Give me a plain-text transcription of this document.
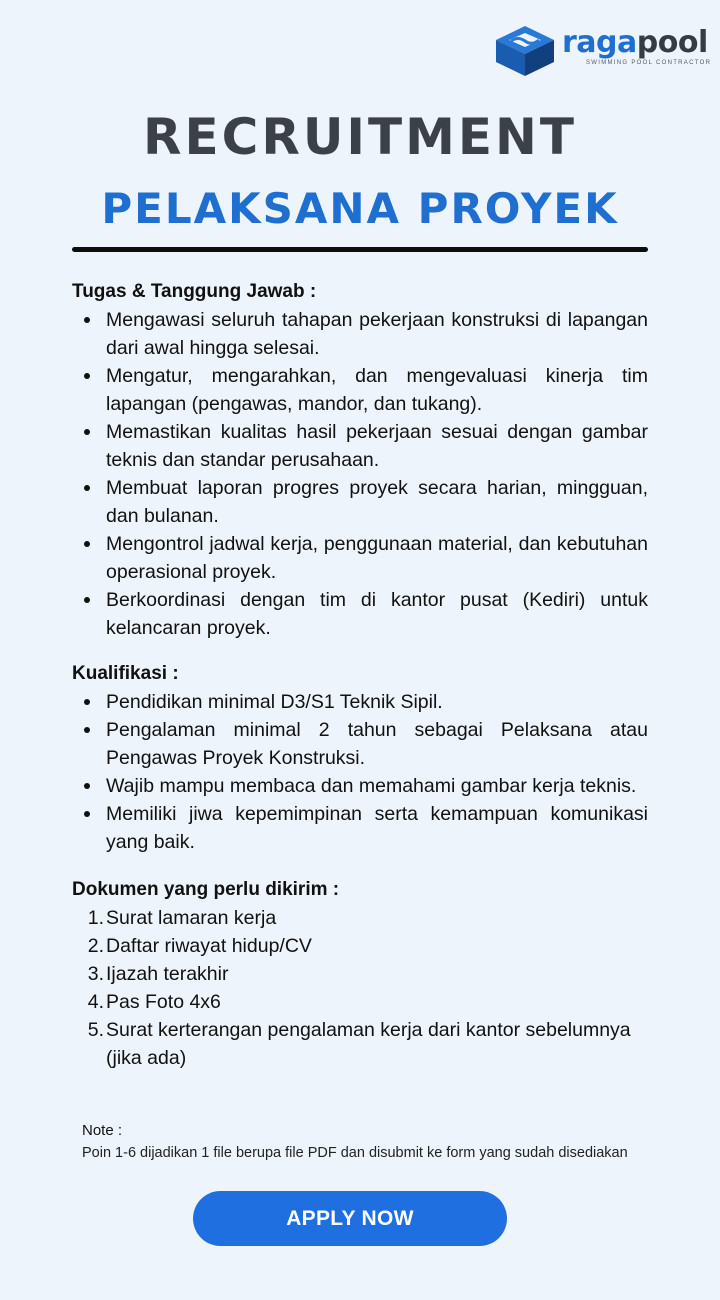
ragapool
SWIMMING POOL CONTRACTOR
RECRUITMENT
PELAKSANA PROYEK

Tugas & Tanggung Jawab :

Mengawasi seluruh tahapan pekerjaan konstruksi di lapangan dari awal hingga selesai.
Mengatur, mengarahkan, dan mengevaluasi kinerja tim lapangan (pengawas, mandor, dan tukang).
Memastikan kualitas hasil pekerjaan sesuai dengan gambar teknis dan standar perusahaan.
Membuat laporan progres proyek secara harian, mingguan, dan bulanan.
Mengontrol jadwal kerja, penggunaan material, dan kebutuhan operasional proyek.
Berkoordinasi dengan tim di kantor pusat (Kediri) untuk kelancaran proyek.

Kualifikasi :

Pendidikan minimal D3/S1 Teknik Sipil.
Pengalaman minimal 2 tahun sebagai Pelaksana atau Pengawas Proyek Konstruksi.
Wajib mampu membaca dan memahami gambar kerja teknis.
Memiliki jiwa kepemimpinan serta kemampuan komunikasi yang baik.

Dokumen yang perlu dikirim :

1. Surat lamaran kerja
2. Daftar riwayat hidup/CV
3. Ijazah terakhir
4. Pas Foto 4x6
5. Surat kerterangan pengalaman kerja dari kantor sebelumnya (jika ada)
Note :
Poin 1-6 dijadikan 1 file berupa file PDF dan disubmit ke form yang sudah disediakan
APPLY NOW
